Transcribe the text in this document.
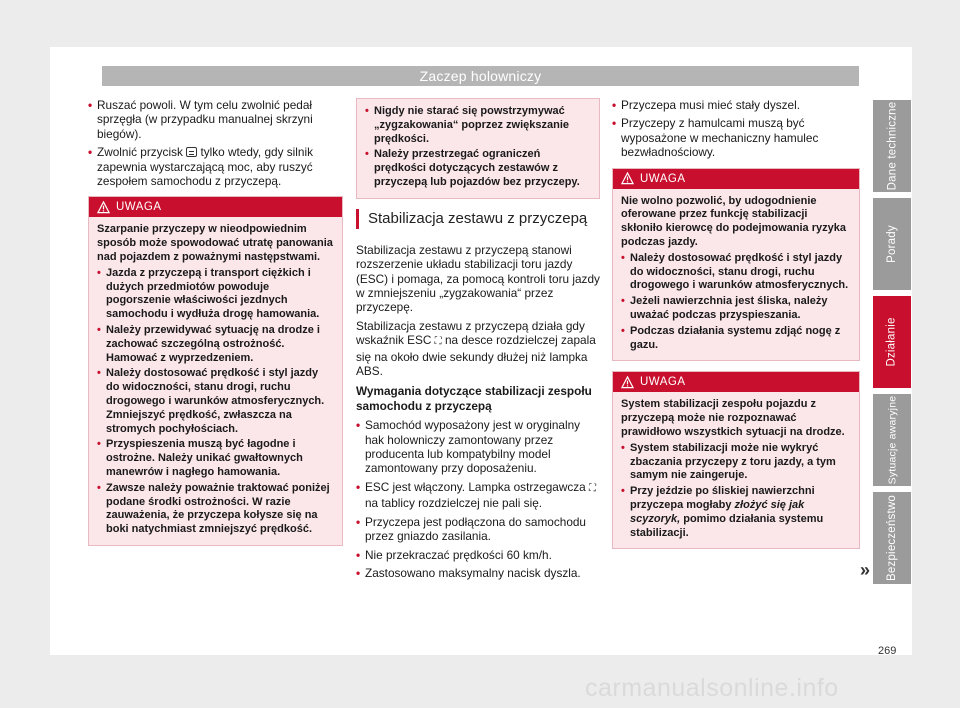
Zaczep holowniczy
• Ruszać powoli. W tym celu zwolnić pedał sprzęgła (w przypadku manualnej skrzyni biegów).
• Zwolnić przycisk tylko wtedy, gdy silnik zapewnia wystarczającą moc, aby ruszyć zespołem samochodu z przyczepą.
UWAGA

Szarpanie przyczepy w nieodpowiednim sposób może spowodować utratę panowania nad pojazdem z poważnymi następstwami.

• Jazda z przyczepą i transport ciężkich i dużych przedmiotów powoduje pogorszenie właściwości jezdnych samochodu i wydłuża drogę hamowania.
• Należy przewidywać sytuację na drodze i zachować szczególną ostrożność. Hamować z wyprzedzeniem.
• Należy dostosować prędkość i styl jazdy do widoczności, stanu drogi, ruchu drogowego i warunków atmosferycznych. Zmniejszyć prędkość, zwłaszcza na stromych pochyłościach.
• Przyspieszenia muszą być łagodne i ostrożne. Należy unikać gwałtownych manewrów i nagłego hamowania.
• Zawsze należy poważnie traktować poniżej podane środki ostrożności. W razie zauważenia, że przyczepa kołysze się na boki natychmiast zmniejszyć prędkość.
• Nigdy nie starać się powstrzymywać „zygzakowania“ poprzez zwiększanie prędkości.
• Należy przestrzegać ograniczeń prędkości dotyczących zestawów z przyczepą lub pojazdów bez przyczepy.
Stabilizacja zestawu z przyczepą

Stabilizacja zestawu z przyczepą stanowi rozszerzenie układu stabilizacji toru jazdy (ESC) i pomaga, za pomocą kontroli toru jazdy w zmniejszeniu „zygzakowania“ przez przyczepę.

Stabilizacja zestawu z przyczepą działa gdy wskaźnik ESC ⛶ na desce rozdzielczej zapala się na około dwie sekundy dłużej niż lampka ABS.

Wymagania dotyczące stabilizacji zespołu samochodu z przyczepą

• Samochód wyposażony jest w oryginalny hak holowniczy zamontowany przez producenta lub kompatybilny model zamontowany przy doposażeniu.
• ESC jest włączony. Lampka ostrzegawcza ⛶ na tablicy rozdzielczej nie pali się.
• Przyczepa jest podłączona do samochodu przez gniazdo zasilania.
• Nie przekraczać prędkości 60 km/h.
• Zastosowano maksymalny nacisk dyszla.
• Przyczepa musi mieć stały dyszel.
• Przyczepy z hamulcami muszą być wyposażone w mechaniczny hamulec bezwładnościowy.
UWAGA

Nie wolno pozwolić, by udogodnienie oferowane przez funkcję stabilizacji skłoniło kierowcę do podejmowania ryzyka podczas jazdy.

• Należy dostosować prędkość i styl jazdy do widoczności, stanu drogi, ruchu drogowego i warunków atmosferycznych.
• Jeżeli nawierzchnia jest śliska, należy uważać podczas przyspieszania.
• Podczas działania systemu zdjąć nogę z gazu.
UWAGA

System stabilizacji zespołu pojazdu z przyczepą może nie rozpoznawać prawidłowo wszystkich sytuacji na drodze.

• System stabilizacji może nie wykryć zbaczania przyczepy z toru jazdy, a tym samym nie zaingeruje.
• Przy jeździe po śliskiej nawierzchni przyczepa mogłaby złożyć się jak scyzoryk, pomimo działania systemu stabilizacji.
Dane techniczne
Porady
Działanie
Sytuacje awaryjne
Bezpieczeństwo
»
269
carmanualsonline.info
